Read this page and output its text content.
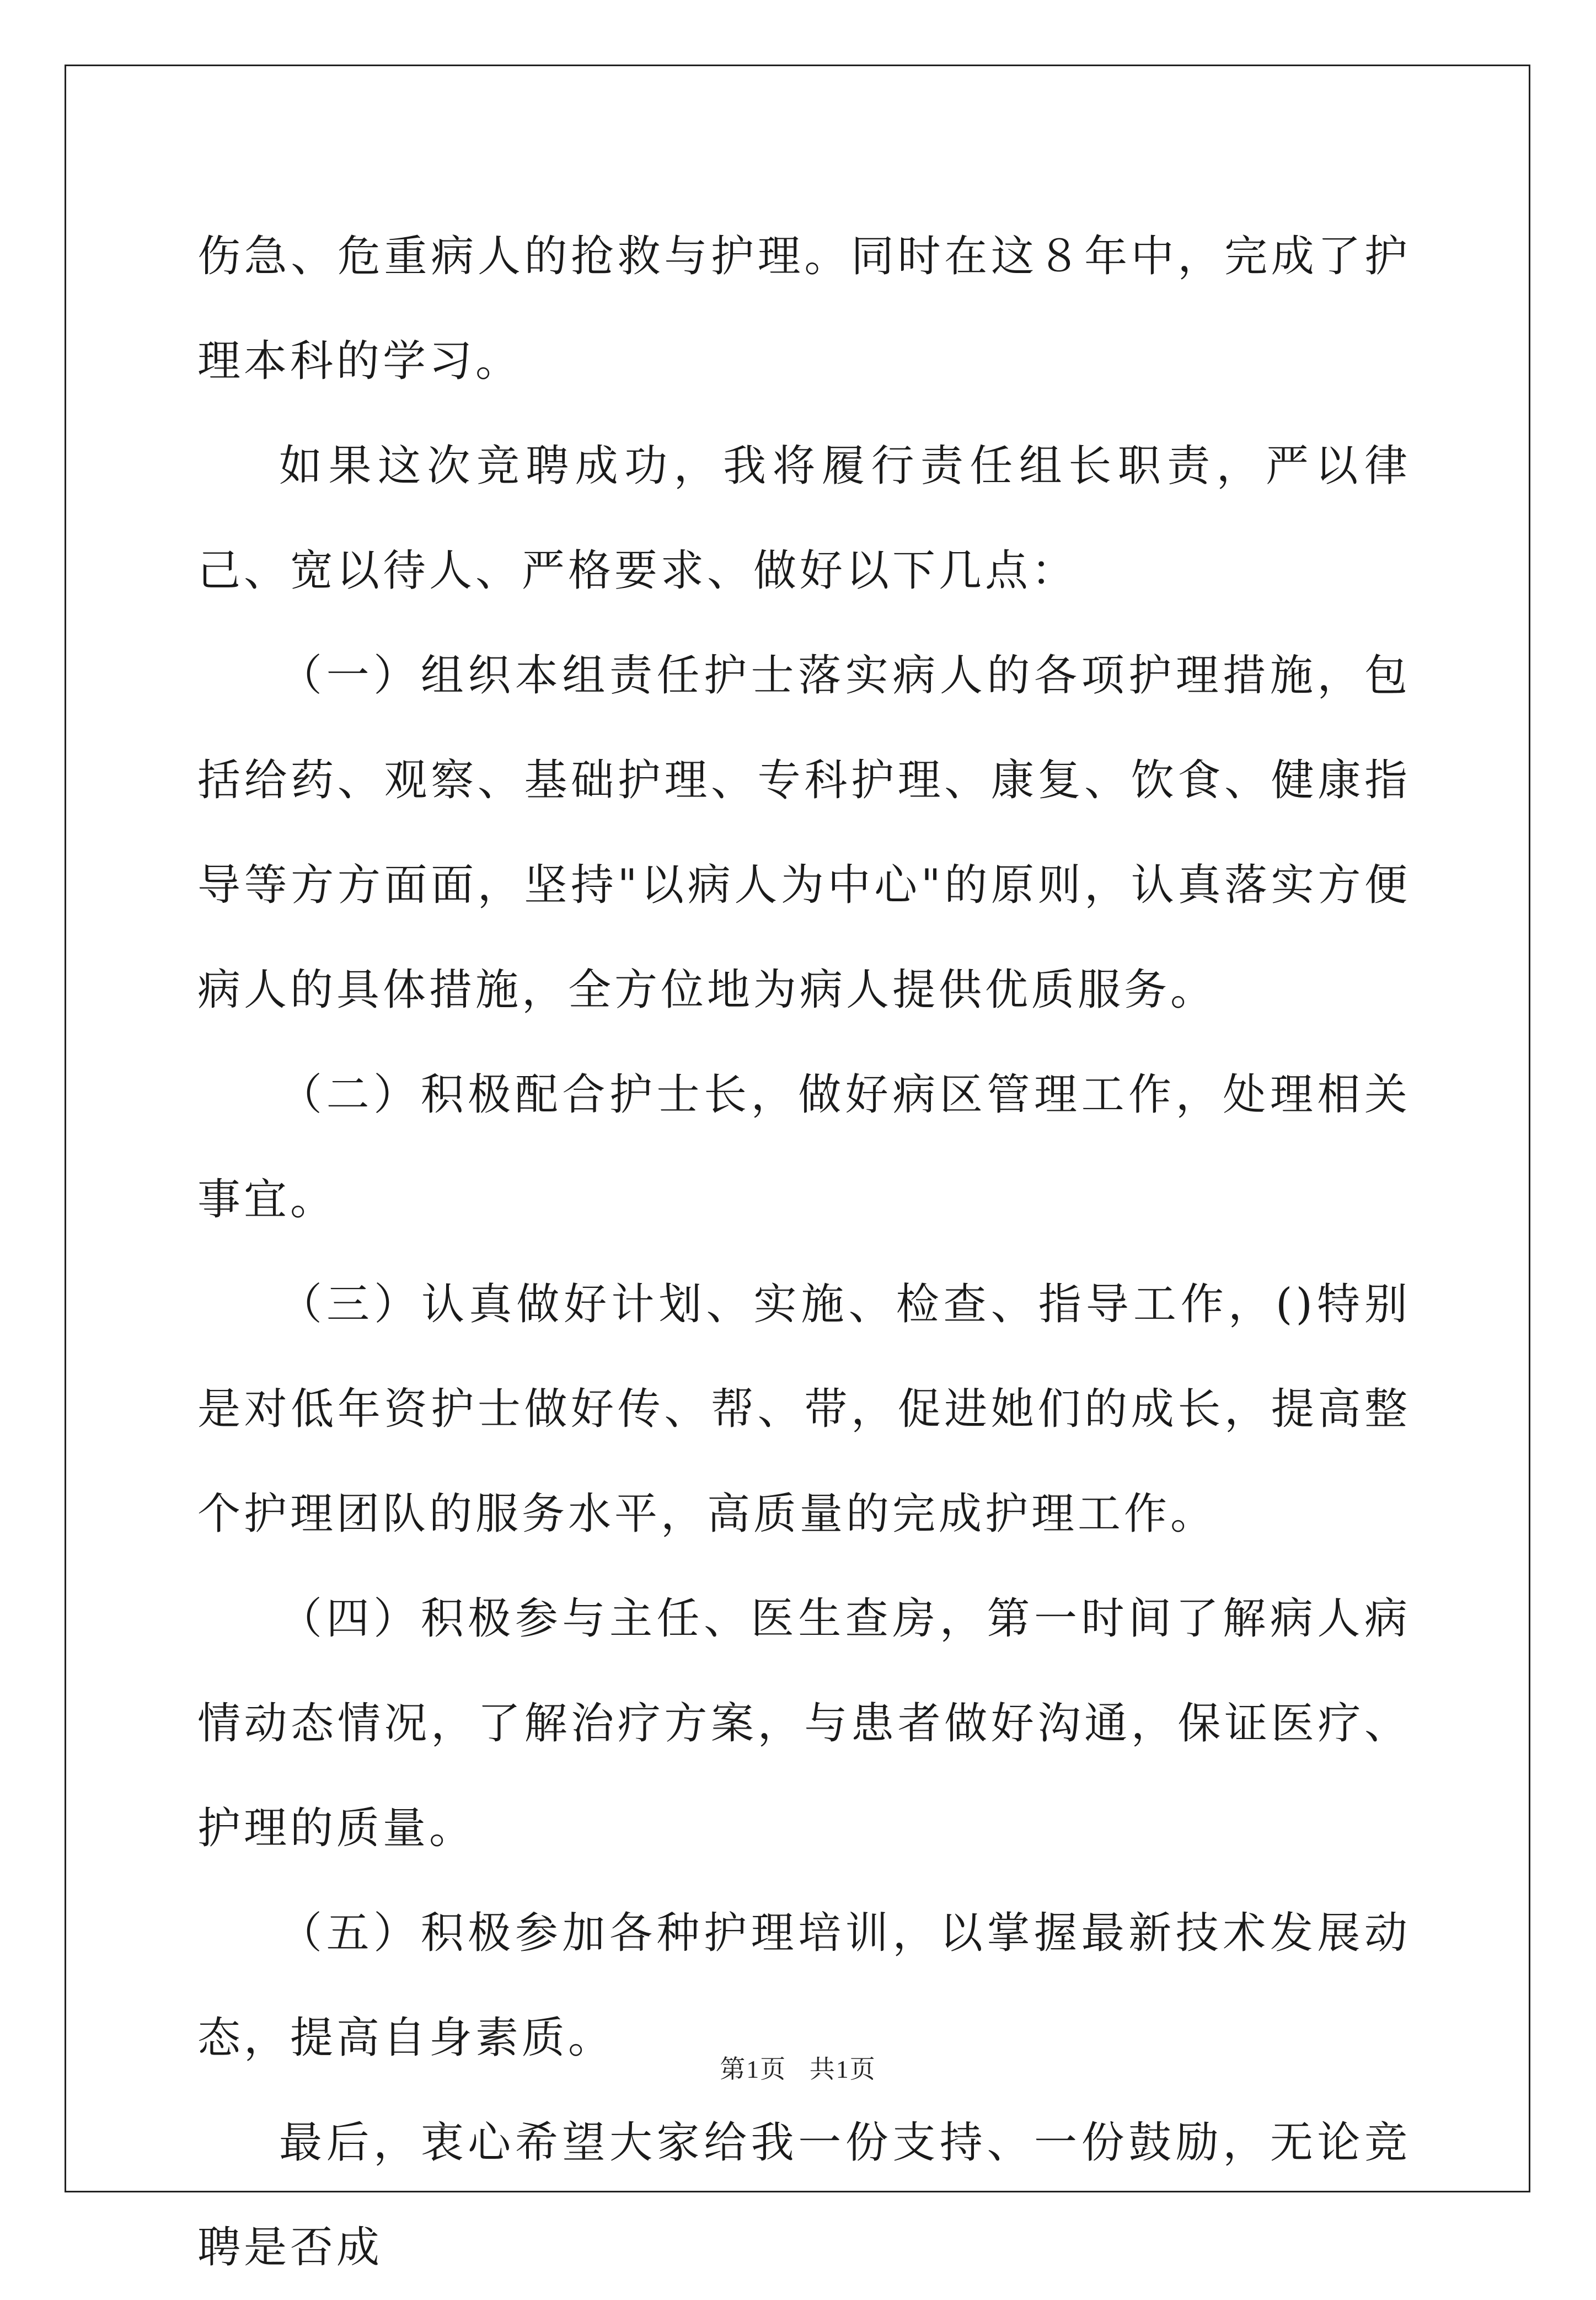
伤急、危重病人的抢救与护理。同时在这８年中，完成了护理本科的学习。

如果这次竞聘成功，我将履行责任组长职责，严以律己、宽以待人、严格要求、做好以下几点：

（一）组织本组责任护士落实病人的各项护理措施，包括给药、观察、基础护理、专科护理、康复、饮食、健康指导等方方面面，坚持"以病人为中心"的原则，认真落实方便病人的具体措施，全方位地为病人提供优质服务。

（二）积极配合护士长，做好病区管理工作，处理相关事宜。

（三）认真做好计划、实施、检查、指导工作，()特别是对低年资护士做好传、帮、带，促进她们的成长，提高整个护理团队的服务水平，高质量的完成护理工作。

（四）积极参与主任、医生查房，第一时间了解病人病情动态情况，了解治疗方案，与患者做好沟通，保证医疗、护理的质量。

（五）积极参加各种护理培训，以掌握最新技术发展动态，提高自身素质。

最后，衷心希望大家给我一份支持、一份鼓励，无论竞聘是否成

第1页 共1页
